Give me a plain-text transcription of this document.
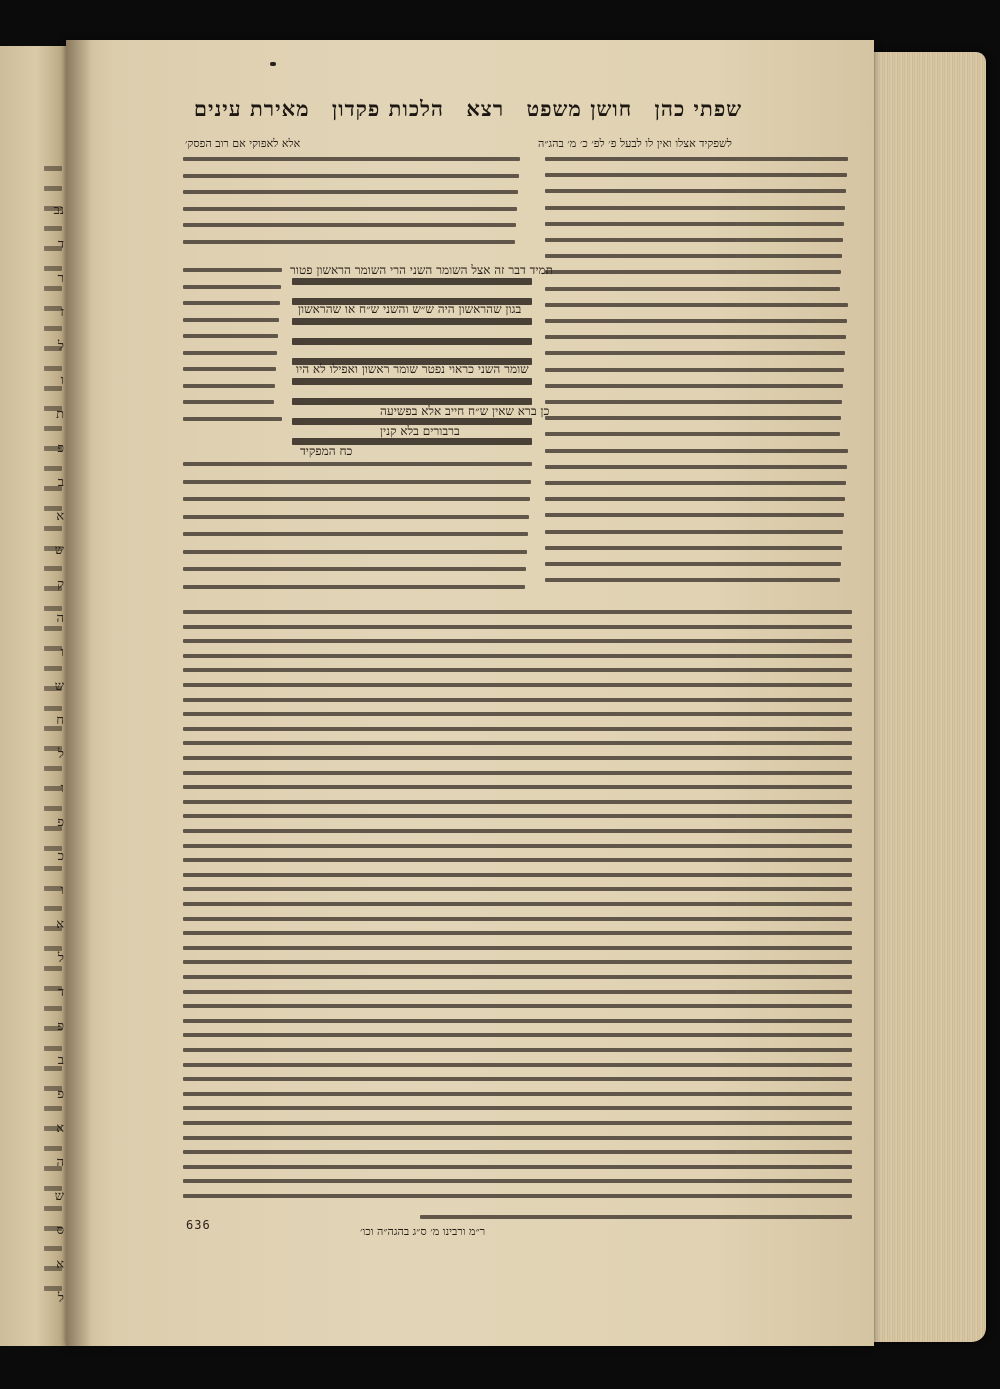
נב
ד
ר
ז
ל
ו
ת
פ
ב
א
ש
ק
ה
ו
ש
ח
ל
ו
פ
כ
ו
א
ל
ד
פ
ב
פ
א
ה
ש
ס
א
ל
שפתי כהן חושן משפט רצא הלכות פקדון מאירת עינים
לשפקיד אצלו ואין לו לבעל פ׳ לפ׳ כ׳ מ׳ בהג״ה
אלא לאפוקי אם רוב הפסק׳
תמיד דבר זה אצל השומר השני הרי השומר הראשון פטור
בגון שהראשון היה ש״ש והשני ש״ח או שהראשון
שומר השני כראוי נפטר שומר ראשון ואפילו לא היו
כן ברא שאין ש״ח חייב אלא בפשיעה
ברבורים בלא קנין
כח המפקיד
ר״מ ורבינו מ׳ ס״ג בהגה״ה וכו׳
636
